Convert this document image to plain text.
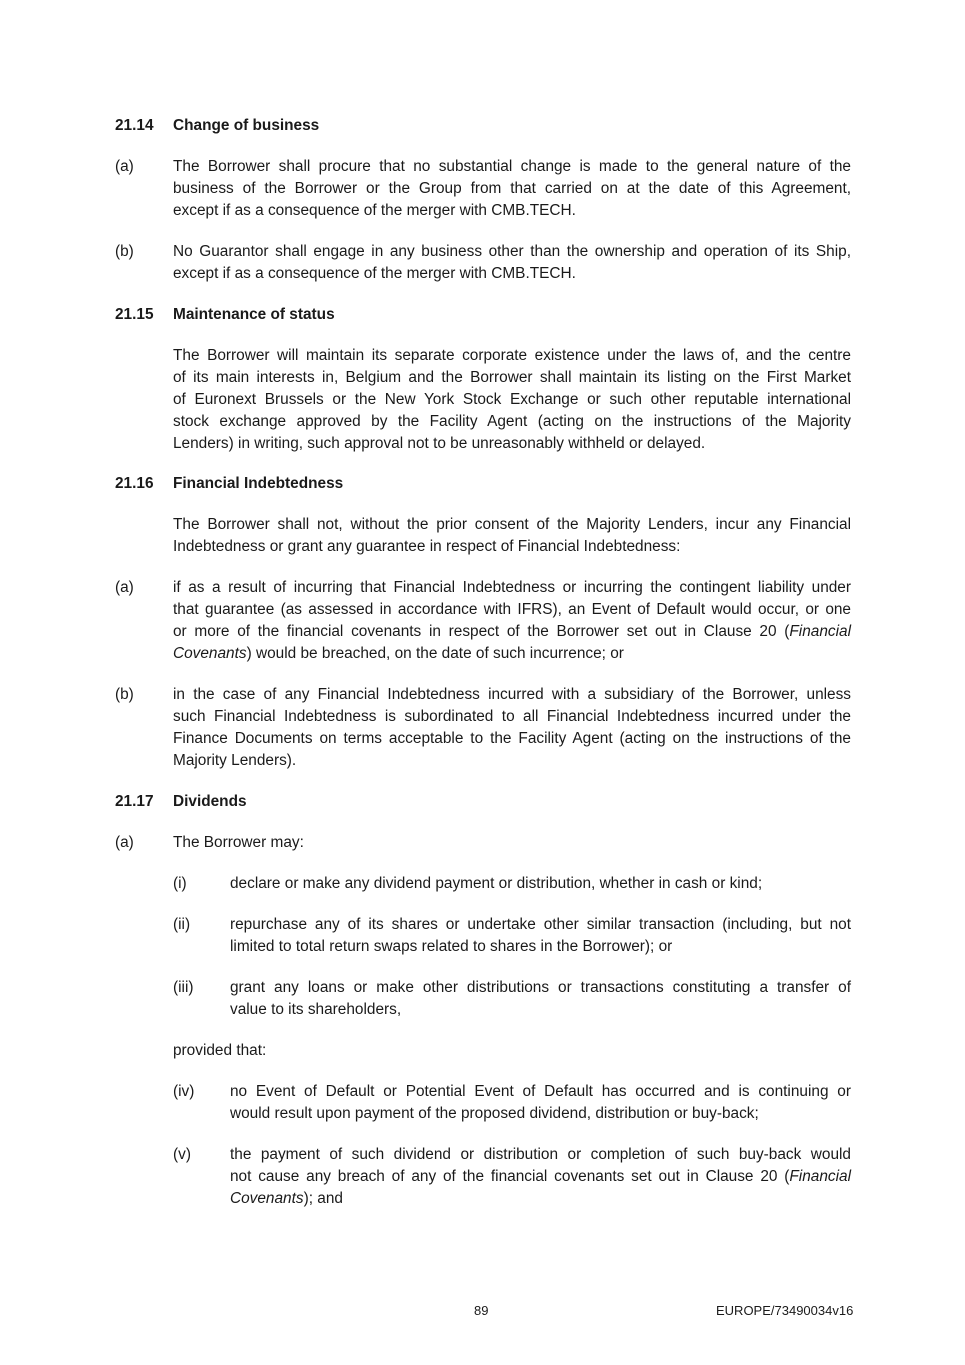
21.14 Change of business
(a)	The Borrower shall procure that no substantial change is made to the general nature of the
business of the Borrower or the Group from that carried on at the date of this Agreement,
except if as a consequence of the merger with CMB.TECH.
(b)	No Guarantor shall engage in any business other than the ownership and operation of its Ship,
except if as a consequence of the merger with CMB.TECH.
21.15 Maintenance of status
The Borrower will maintain its separate corporate existence under the laws of, and the centre
of its main interests in, Belgium and the Borrower shall maintain its listing on the First Market
of Euronext Brussels or the New York Stock Exchange or such other reputable international
stock exchange approved by the Facility Agent (acting on the instructions of the Majority
Lenders) in writing, such approval not to be unreasonably withheld or delayed.
21.16 Financial Indebtedness
The Borrower shall not, without the prior consent of the Majority Lenders, incur any Financial
Indebtedness or grant any guarantee in respect of Financial Indebtedness:
(a)	if as a result of incurring that Financial Indebtedness or incurring the contingent liability under
that guarantee (as assessed in accordance with IFRS), an Event of Default would occur, or one
or more of the financial covenants in respect of the Borrower set out in Clause 20 (Financial
Covenants) would be breached, on the date of such incurrence; or
(b)	in the case of any Financial Indebtedness incurred with a subsidiary of the Borrower, unless
such Financial Indebtedness is subordinated to all Financial Indebtedness incurred under the
Finance Documents on terms acceptable to the Facility Agent (acting on the instructions of the
Majority Lenders).
21.17 Dividends
(a)	The Borrower may:
(i)	declare or make any dividend payment or distribution, whether in cash or kind;
(ii)	repurchase any of its shares or undertake other similar transaction (including, but not
limited to total return swaps related to shares in the Borrower); or
(iii) grant any loans or make other distributions or transactions constituting a transfer of
value to its shareholders,
provided that:
(iv) no Event of Default or Potential Event of Default has occurred and is continuing or
would result upon payment of the proposed dividend, distribution or buy-back;
(v)	the payment of such dividend or distribution or completion of such buy-back would
not cause any breach of any of the financial covenants set out in Clause 20 (Financial
Covenants); and
89	EUROPE/73490034v16
